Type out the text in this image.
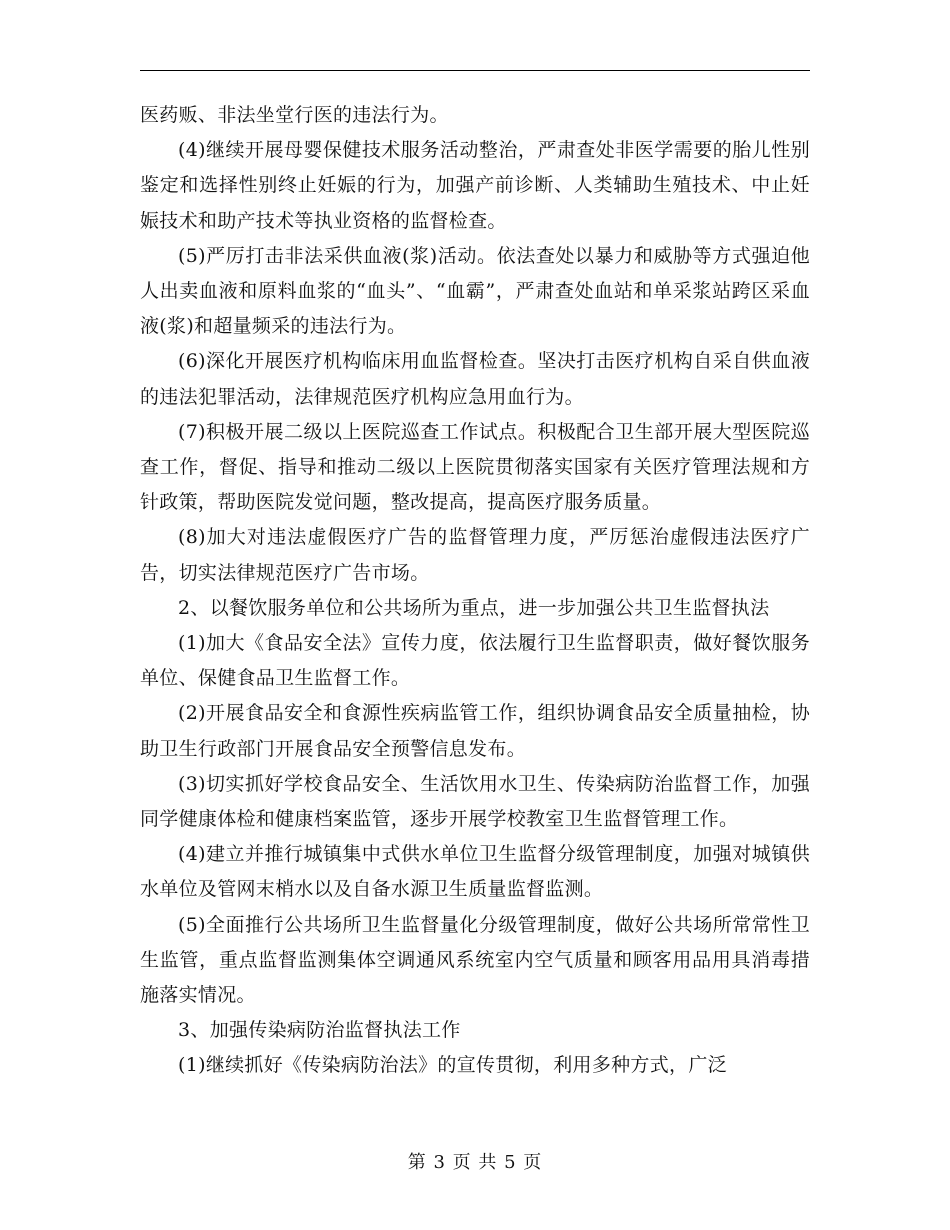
医药贩、非法坐堂行医的违法行为。

(4)继续开展母婴保健技术服务活动整治，严肃查处非医学需要的胎儿性别鉴定和选择性别终止妊娠的行为，加强产前诊断、人类辅助生殖技术、中止妊娠技术和助产技术等执业资格的监督检查。

(5)严厉打击非法采供血液(浆)活动。依法查处以暴力和威胁等方式强迫他人出卖血液和原料血浆的“血头”、“血霸”，严肃查处血站和单采浆站跨区采血液(浆)和超量频采的违法行为。

(6)深化开展医疗机构临床用血监督检查。坚决打击医疗机构自采自供血液的违法犯罪活动，法律规范医疗机构应急用血行为。

(7)积极开展二级以上医院巡查工作试点。积极配合卫生部开展大型医院巡查工作，督促、指导和推动二级以上医院贯彻落实国家有关医疗管理法规和方针政策，帮助医院发觉问题，整改提高，提高医疗服务质量。

(8)加大对违法虚假医疗广告的监督管理力度，严厉惩治虚假违法医疗广告，切实法律规范医疗广告市场。

2、以餐饮服务单位和公共场所为重点，进一步加强公共卫生监督执法

(1)加大《食品安全法》宣传力度，依法履行卫生监督职责，做好餐饮服务单位、保健食品卫生监督工作。

(2)开展食品安全和食源性疾病监管工作，组织协调食品安全质量抽检，协助卫生行政部门开展食品安全预警信息发布。

(3)切实抓好学校食品安全、生活饮用水卫生、传染病防治监督工作，加强同学健康体检和健康档案监管，逐步开展学校教室卫生监督管理工作。

(4)建立并推行城镇集中式供水单位卫生监督分级管理制度，加强对城镇供水单位及管网末梢水以及自备水源卫生质量监督监测。

(5)全面推行公共场所卫生监督量化分级管理制度，做好公共场所常常性卫生监管，重点监督监测集体空调通风系统室内空气质量和顾客用品用具消毒措施落实情况。

3、加强传染病防治监督执法工作

(1)继续抓好《传染病防治法》的宣传贯彻，利用多种方式，广泛

第 3 页 共 5 页
